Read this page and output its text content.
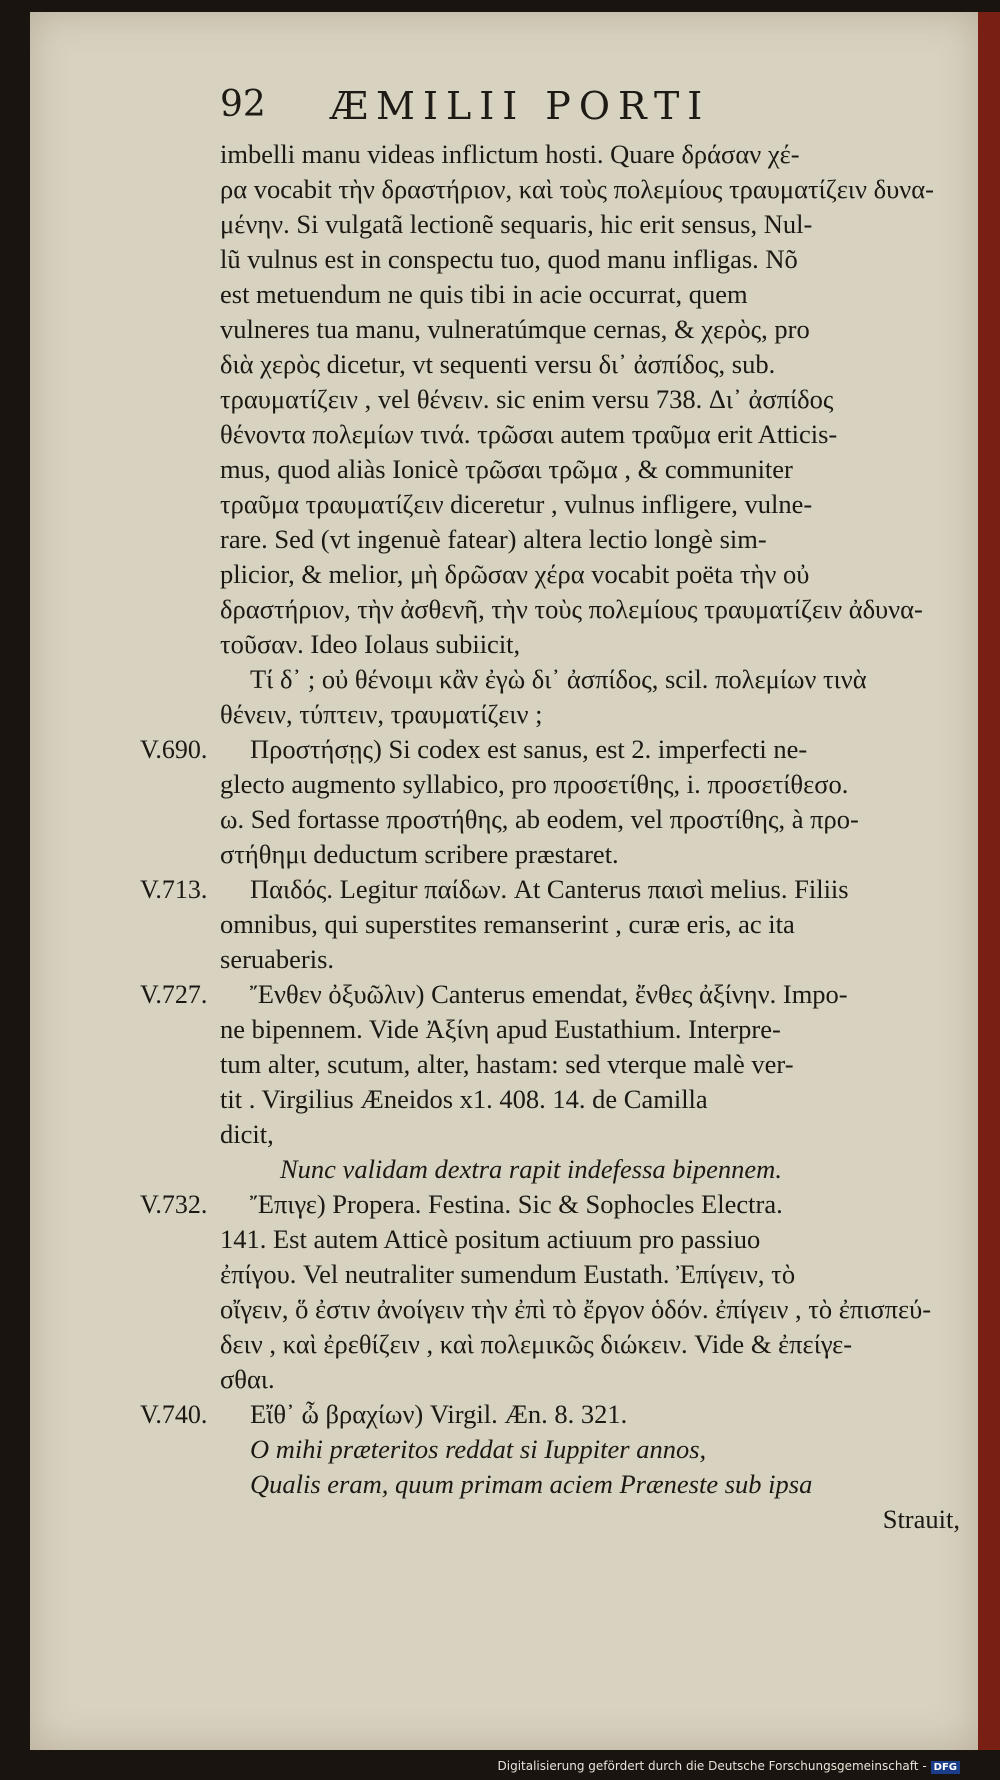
92 ÆMILII PORTI
imbelli manu videas inflictum hosti. Quare δράσαν χέ-
ρα vocabit τὴν δραστήριον, καὶ τοὺς πολεμίους τραυματίζειν δυνα-
μένην. Si vulgatã lectionẽ sequaris, hic erit sensus, Nul-
lũ vulnus est in conspectu tuo, quod manu infligas. Nõ
est metuendum ne quis tibi in acie occurrat, quem
vulneres tua manu, vulneratúmque cernas, & χερὸς, pro
διὰ χερὸς dicetur, vt sequenti versu δι᾽ ἀσπίδος, sub.
τραυματίζειν , vel θένειν. sic enim versu 738. Δι᾽ ἀσπίδος
θένοντα πολεμίων τινά. τρῶσαι autem τραῦμα erit Atticis-
mus, quod aliàs Ionicè τρῶσαι τρῶμα , & communiter
τραῦμα τραυματίζειν diceretur , vulnus infligere, vulne-
rare. Sed (vt ingenuè fatear) altera lectio longè sim-
plicior, & melior, μὴ δρῶσαν χέρα vocabit poëta τὴν οὐ
δραστήριον, τὴν ἀσθενῆ, τὴν τοὺς πολεμίους τραυματίζειν ἀδυνα-
τοῦσαν. Ideo Iolaus subiicit,
Τί δ᾽ ; οὐ θένοιμι κἂν ἐγὼ δι᾽ ἀσπίδος, scil. πολεμίων τινὰ
θένειν, τύπτειν, τραυματίζειν ;
V.690. Προστήσῃς) Si codex est sanus, est 2. imperfecti ne-
glecto augmento syllabico, pro προσετίθης, i. προσετίθεσο.
ω. Sed fortasse προστήθης, ab eodem, vel προστίθης, à προ-
στήθημι deductum scribere præstaret.
V.713. Παιδός. Legitur παίδων. At Canterus παισὶ melius. Filiis
omnibus, qui superstites remanserint , curæ eris, ac ita
seruaberis.
V.727. Ἔνθεν ὀξυῶλιν) Canterus emendat, ἔνθες ἀξίνην. Impo-
ne bipennem. Vide Ἀξίνη apud Eustathium. Interpre-
tum alter, scutum, alter, hastam: sed vterque malè ver-
tit . Virgilius Æneidos x1. 408. 14. de Camilla
dicit,
Nunc validam dextra rapit indefessa bipennem.
V.732. Ἔπιγε) Propera. Festina. Sic & Sophocles Electra.
141. Est autem Atticè positum actiuum pro passiuo
ἐπίγου. Vel neutraliter sumendum Eustath. Ἐπίγειν, τὸ
οἴγειν, ὅ ἐστιν ἀνοίγειν τὴν ἐπὶ τὸ ἔργον ὁδόν. ἐπίγειν , τὸ ἐπισπεύ-
δειν , καὶ ἐρεθίζειν , καὶ πολεμικῶς διώκειν. Vide & ἐπείγε-
σθαι.
V.740. Εἴθ᾽ ὦ βραχίων) Virgil. Æn. 8. 321.
O mihi præteritos reddat si Iuppiter annos,
Qualis eram, quum primam aciem Præneste sub ipsa
Strauit,
Digitalisierung gefördert durch die Deutsche Forschungsgemeinschaft - DFG
